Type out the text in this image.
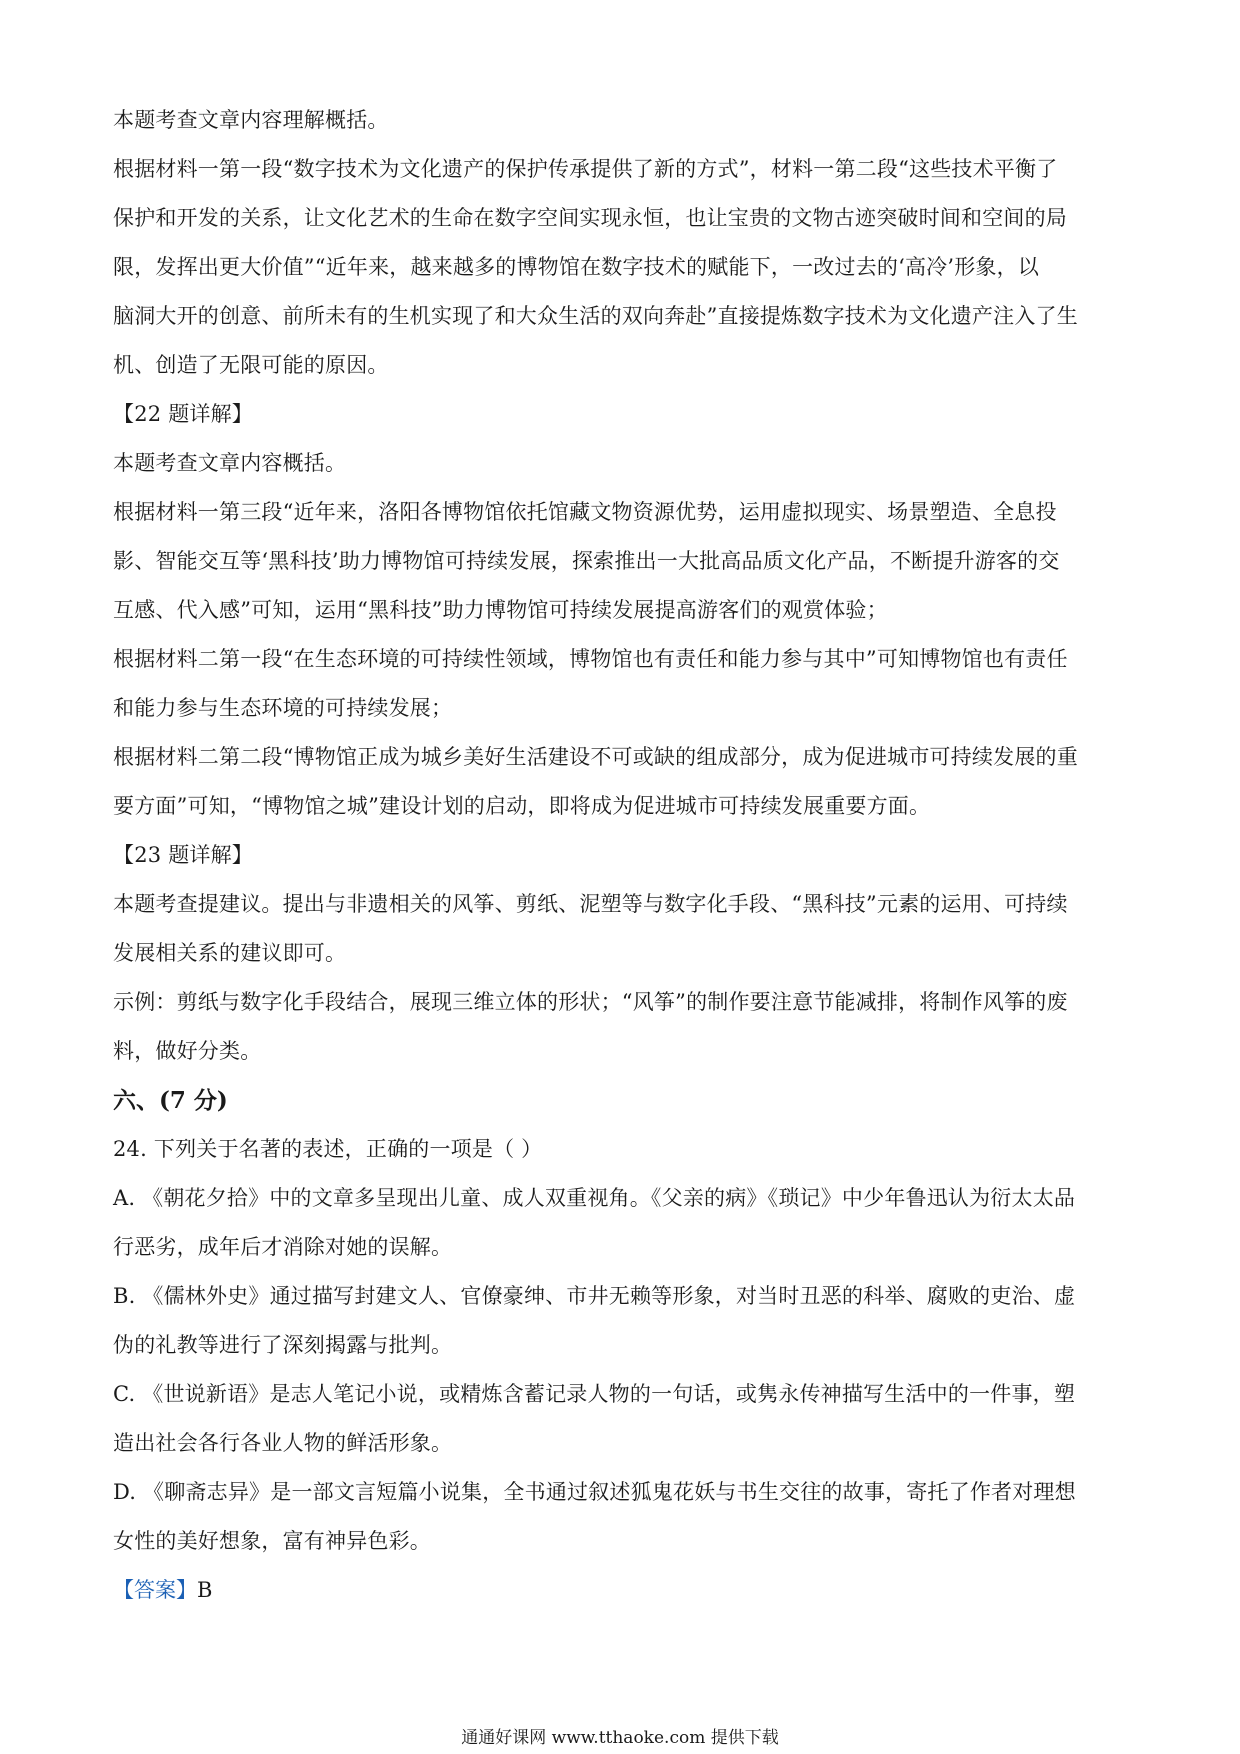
本题考查文章内容理解概括。

根据材料一第一段“数字技术为文化遗产的保护传承提供了新的方式”，材料一第二段“这些技术平衡了

保护和开发的关系，让文化艺术的生命在数字空间实现永恒，也让宝贵的文物古迹突破时间和空间的局

限，发挥出更大价值”“近年来，越来越多的博物馆在数字技术的赋能下，一改过去的‘高冷’形象，以

脑洞大开的创意、前所未有的生机实现了和大众生活的双向奔赴”直接提炼数字技术为文化遗产注入了生

机、创造了无限可能的原因。

【22 题详解】

本题考查文章内容概括。

根据材料一第三段“近年来，洛阳各博物馆依托馆藏文物资源优势，运用虚拟现实、场景塑造、全息投

影、智能交互等‘黑科技’助力博物馆可持续发展，探索推出一大批高品质文化产品，不断提升游客的交

互感、代入感”可知，运用“黑科技”助力博物馆可持续发展提高游客们的观赏体验；

根据材料二第一段“在生态环境的可持续性领域，博物馆也有责任和能力参与其中”可知博物馆也有责任

和能力参与生态环境的可持续发展；

根据材料二第二段“博物馆正成为城乡美好生活建设不可或缺的组成部分，成为促进城市可持续发展的重

要方面”可知，“博物馆之城”建设计划的启动，即将成为促进城市可持续发展重要方面。

【23 题详解】

本题考查提建议。提出与非遗相关的风筝、剪纸、泥塑等与数字化手段、“黑科技”元素的运用、可持续

发展相关系的建议即可。

示例：剪纸与数字化手段结合，展现三维立体的形状；“风筝”的制作要注意节能减排，将制作风筝的废

料，做好分类。

六、(7 分)

24. 下列关于名著的表述，正确的一项是（ ）

A. 《朝花夕拾》中的文章多呈现出儿童、成人双重视角。《父亲的病》《琐记》中少年鲁迅认为衍太太品

行恶劣，成年后才消除对她的误解。

B. 《儒林外史》通过描写封建文人、官僚豪绅、市井无赖等形象，对当时丑恶的科举、腐败的吏治、虚

伪的礼教等进行了深刻揭露与批判。

C. 《世说新语》是志人笔记小说，或精炼含蓄记录人物的一句话，或隽永传神描写生活中的一件事，塑

造出社会各行各业人物的鲜活形象。

D. 《聊斋志异》是一部文言短篇小说集，全书通过叙述狐鬼花妖与书生交往的故事，寄托了作者对理想

女性的美好想象，富有神异色彩。

【答案】B

通通好课网 www.tthaoke.com 提供下载
